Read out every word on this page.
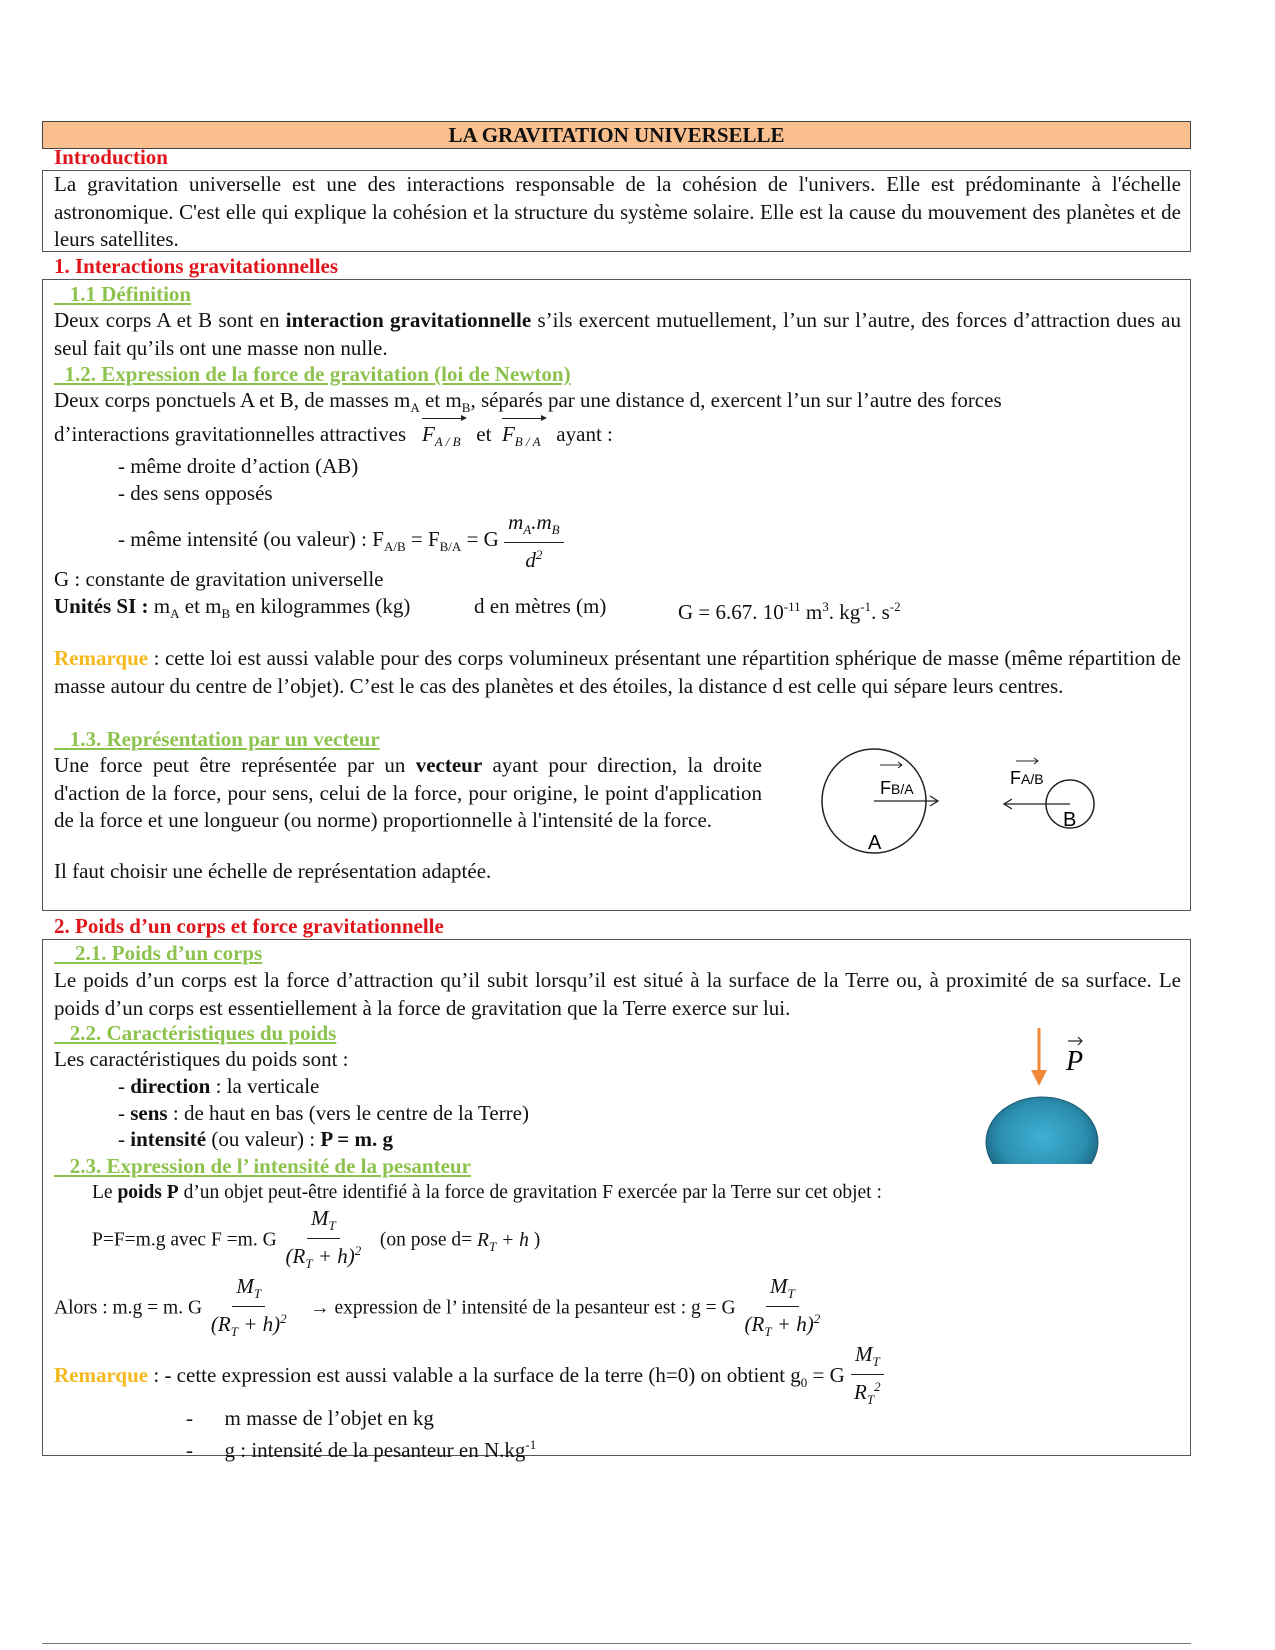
LA GRAVITATION UNIVERSELLE
Introduction
La gravitation universelle est une des interactions responsable de la cohésion de l'univers. Elle est prédominante à l'échelle astronomique. C'est elle qui explique la cohésion et la structure du système solaire. Elle est la cause du mouvement des planètes et de leurs satellites.
1. Interactions gravitationnelles
1.1 Définition
Deux corps A et B sont en interaction gravitationnelle s’ils exercent mutuellement, l’un sur l’autre, des forces d’attraction dues au seul fait qu’ils ont une masse non nulle.
1.2. Expression de la force de gravitation (loi de Newton)
Deux corps ponctuels A et B, de masses $m_A$ et $m_B$, séparés par une distance d, exercent l’un sur l’autre des forces
d’interactions gravitationnelles attractives $F_{A / B}$ et $F_{B / A}$ ayant :
- même droite d’action (AB)
- des sens opposés
- même intensité (ou valeur) : $F_{A/B} = F_{B/A} = G \frac{m_A.m_B}{d^2}$
G : constante de gravitation universelle
Unités SI : $m_A$ et $m_B$ en kilogrammes (kg)	d en mètres (m)	G = 6.67. $10^{-11}$ $m^3$. $kg^{-1}$. $s^{-2}$
Remarque : cette loi est aussi valable pour des corps volumineux présentant une répartition sphérique de masse (même répartition de masse autour du centre de l’objet). C’est le cas des planètes et des étoiles, la distance d est celle qui sépare leurs centres.
1.3. Représentation par un vecteur
Une force peut être représentée par un vecteur ayant pour direction, la droite d'action de la force, pour sens, celui de la force, pour origine, le point d'application de la force et une longueur (ou norme) proportionnelle à l'intensité de la force.
Il faut choisir une échelle de représentation adaptée.
FB/A
A
FA/B
B
2. Poids d’un corps et force gravitationnelle
2.1. Poids d’un corps
Le poids d’un corps est la force d’attraction qu’il subit lorsqu’il est situé à la surface de la Terre ou, à proximité de sa surface. Le poids d’un corps est essentiellement à la force de gravitation que la Terre exerce sur lui.
2.2. Caractéristiques du poids
Les caractéristiques du poids sont :
- direction : la verticale
- sens : de haut en bas (vers le centre de la Terre)
- intensité (ou valeur) : P = m. g
P
2.3. Expression de l’ intensité de la pesanteur
Le poids P d’un objet peut-être identifié à la force de gravitation F exercée par la Terre sur cet objet :
P=F=m.g avec F =m. G $\frac{M_T}{(R_T + h)^2} (on$ pose $d= R_T + h$ )
Alors : m.g = m. G $\frac{M_T}{(R_T + h)^2}$ → expression de l’ intensité de la pesanteur est : g = G $\frac{M_T}{(R_T + h)^2}$
Remarque : - cette expression est aussi valable a la surface de la terre (h=0) on obtient $g_0 = G \frac{M_T}{R_T^2}$
- m masse de l’objet en kg
- g : intensité de la pesanteur en $N.kg^{-1}$
